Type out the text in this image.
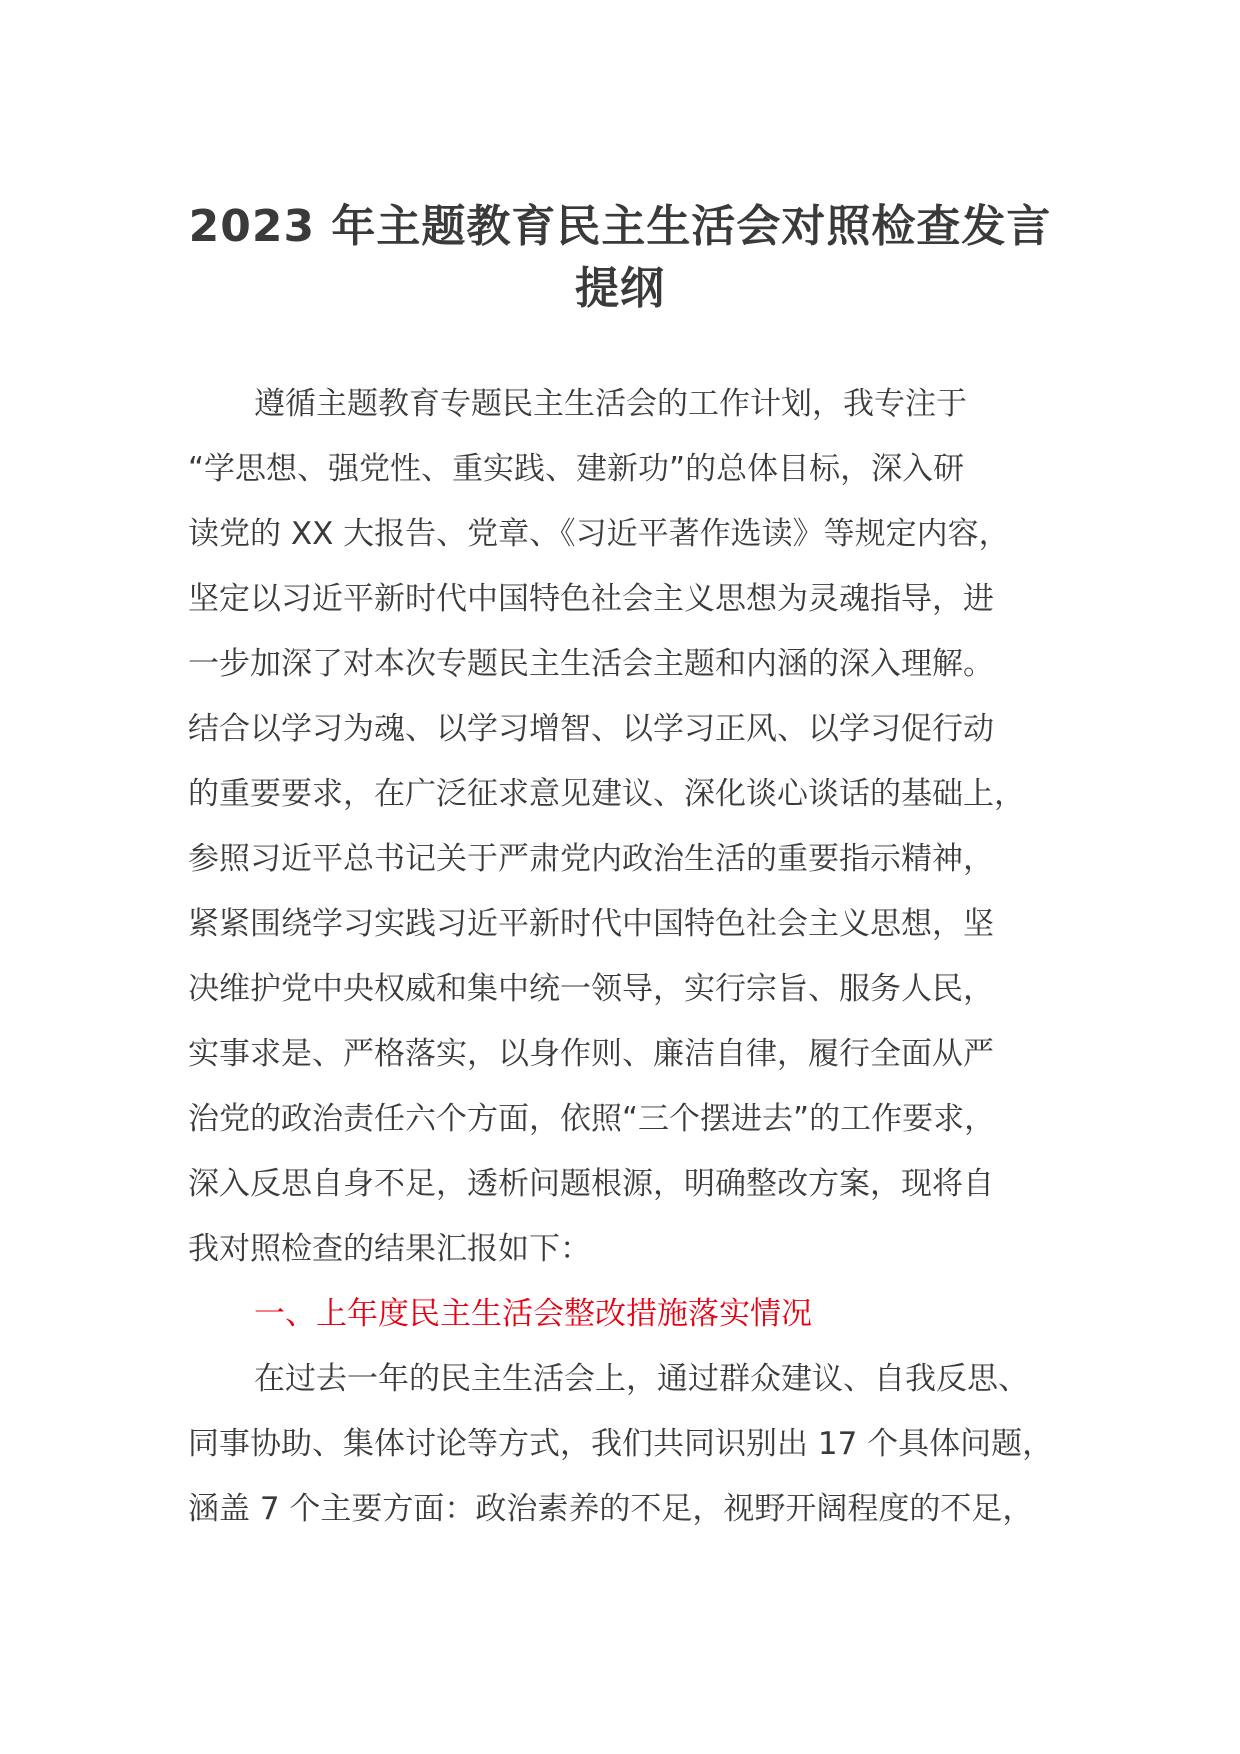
2023 年主题教育民主生活会对照检查发言
提纲
遵循主题教育专题民主生活会的工作计划，我专注于
“学思想、强党性、重实践、建新功”的总体目标，深入研
读党的 XX 大报告、党章、《习近平著作选读》等规定内容，
坚定以习近平新时代中国特色社会主义思想为灵魂指导，进
一步加深了对本次专题民主生活会主题和内涵的深入理解。
结合以学习为魂、以学习增智、以学习正风、以学习促行动
的重要要求，在广泛征求意见建议、深化谈心谈话的基础上，
参照习近平总书记关于严肃党内政治生活的重要指示精神，
紧紧围绕学习实践习近平新时代中国特色社会主义思想，坚
决维护党中央权威和集中统一领导，实行宗旨、服务人民，
实事求是、严格落实，以身作则、廉洁自律，履行全面从严
治党的政治责任六个方面，依照“三个摆进去”的工作要求，
深入反思自身不足，透析问题根源，明确整改方案，现将自
我对照检查的结果汇报如下：
一、上年度民主生活会整改措施落实情况
在过去一年的民主生活会上，通过群众建议、自我反思、
同事协助、集体讨论等方式，我们共同识别出 17 个具体问题，
涵盖 7 个主要方面：政治素养的不足，视野开阔程度的不足，
